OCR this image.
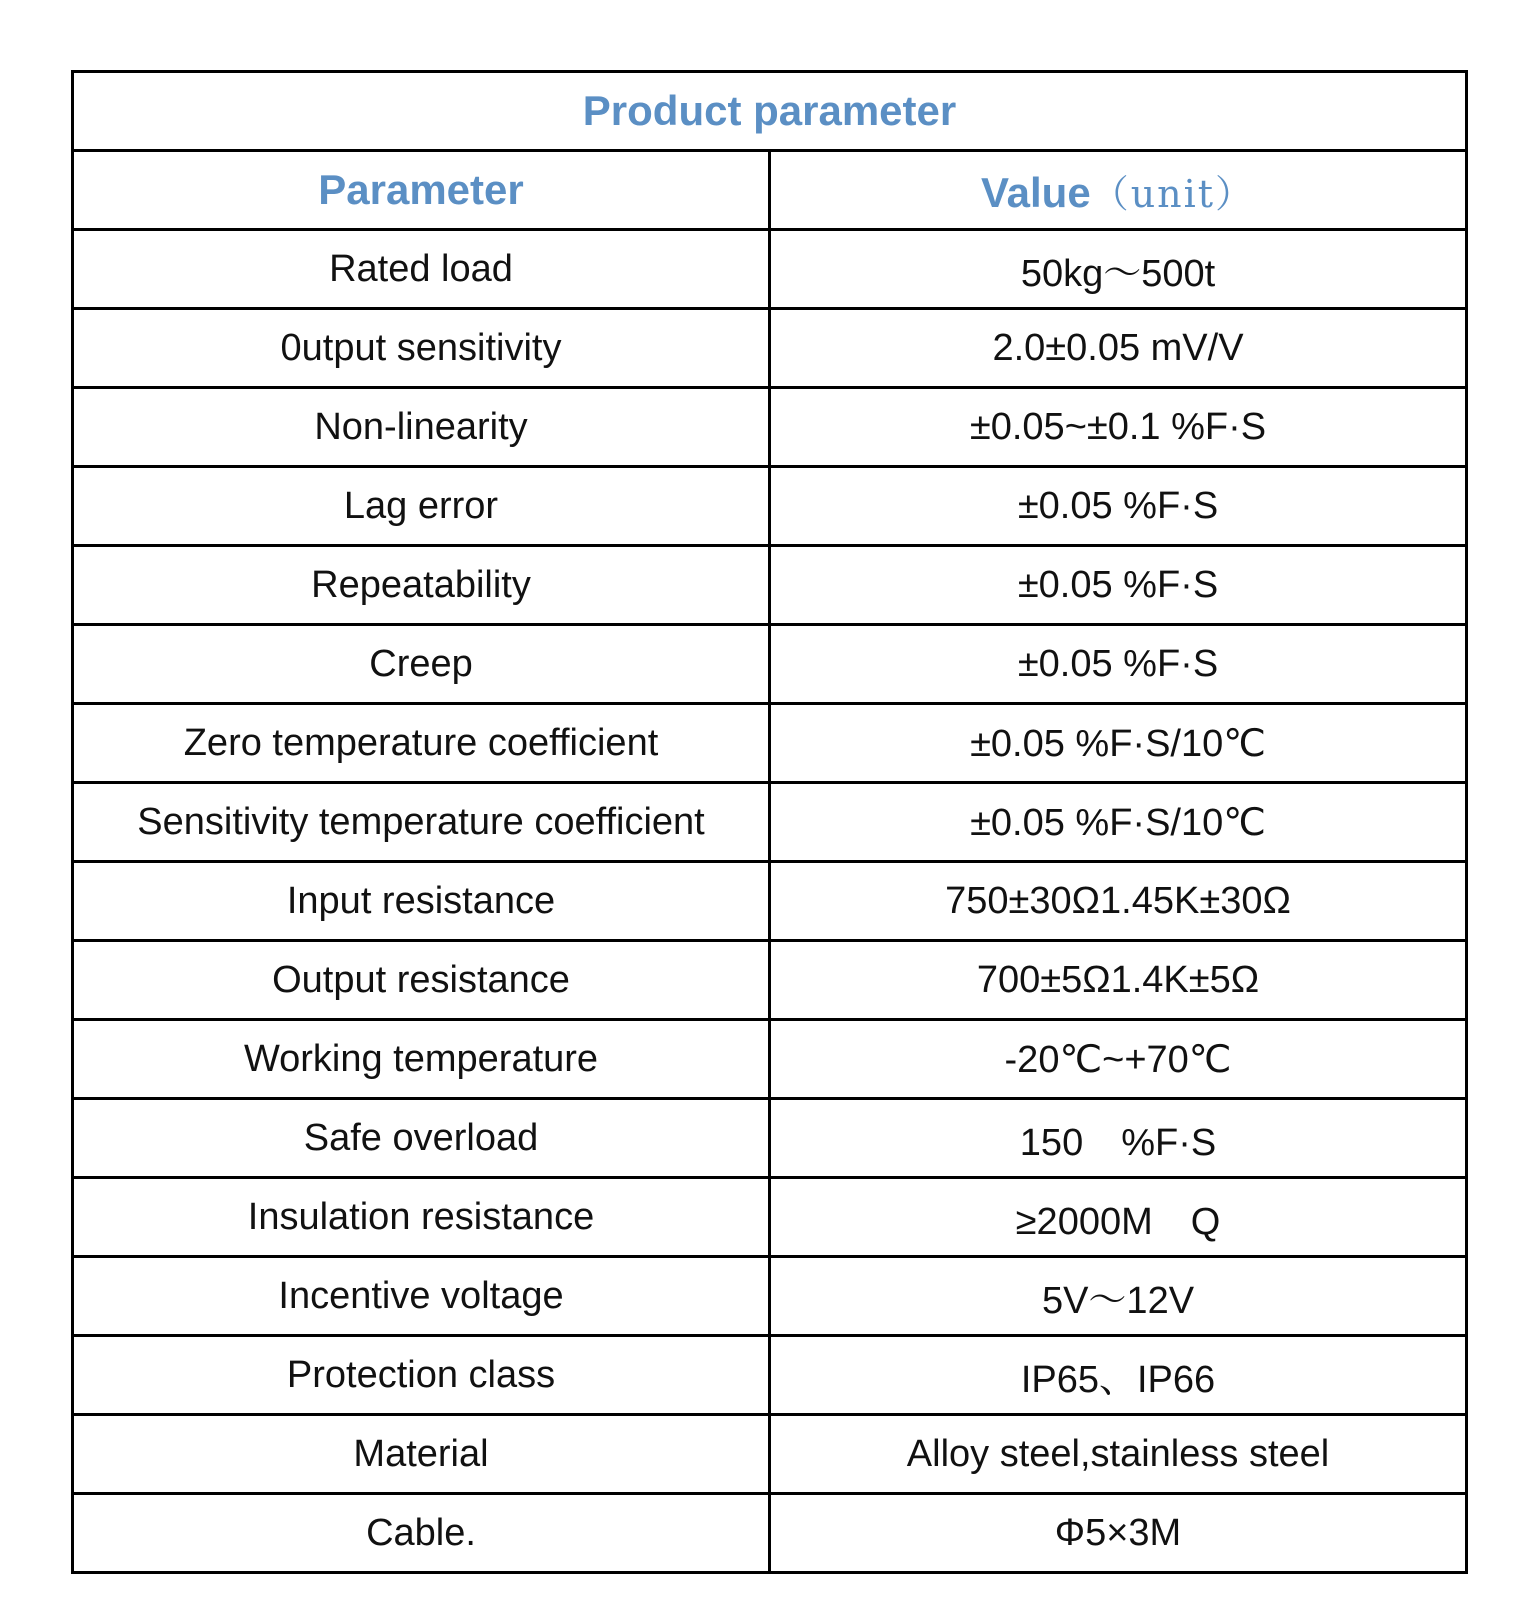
Product parameter	
Parameter	Value（unit）
Rated load	50kg～500t
0utput sensitivity	2.0±0.05 mV/V
Non-linearity	±0.05~±0.1 %F·S
Lag error	±0.05 %F·S
Repeatability	±0.05 %F·S
Creep	±0.05 %F·S
Zero temperature coefficient	±0.05 %F·S/10℃
Sensitivity temperature coefficient	±0.05 %F·S/10℃
Input resistance	750±30Ω1.45K±30Ω
Output resistance	700±5Ω1.4K±5Ω
Working temperature	-20℃~+70℃
Safe overload	150　%F·S
Insulation resistance	≥2000M　Q
Incentive voltage	5V～12V
Protection class	IP65、IP66
Material	Alloy steel,stainless steel
Cable.	Φ5×3M
